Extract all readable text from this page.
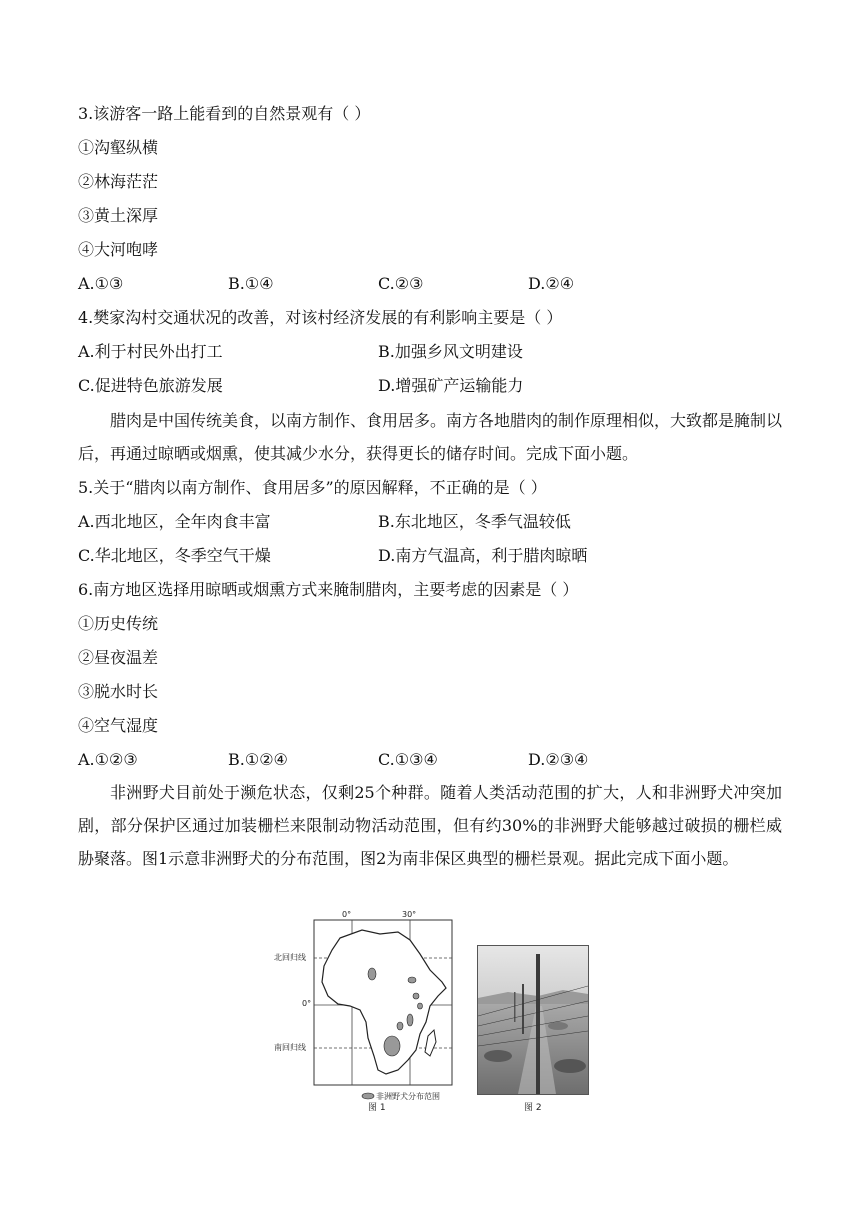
3.该游客一路上能看到的自然景观有（ ）
①沟壑纵横
②林海茫茫
③黄土深厚
④大河咆哮
A.①③	B.①④	C.②③	D.②④
4.樊家沟村交通状况的改善，对该村经济发展的有利影响主要是（ ）
A.利于村民外出打工	B.加强乡风文明建设
C.促进特色旅游发展	D.增强矿产运输能力
腊肉是中国传统美食，以南方制作、食用居多。南方各地腊肉的制作原理相似，大致都是腌制以后，再通过晾晒或烟熏，使其减少水分，获得更长的储存时间。完成下面小题。
5.关于“腊肉以南方制作、食用居多”的原因解释，不正确的是（ ）
A.西北地区，全年肉食丰富	B.东北地区，冬季气温较低
C.华北地区，冬季空气干燥	D.南方气温高，利于腊肉晾晒
6.南方地区选择用晾晒或烟熏方式来腌制腊肉，主要考虑的因素是（ ）
①历史传统
②昼夜温差
③脱水时长
④空气湿度
A.①②③	B.①②④	C.①③④	D.②③④
非洲野犬目前处于濒危状态，仅剩25个种群。随着人类活动范围的扩大，人和非洲野犬冲突加剧，部分保护区通过加装栅栏来限制动物活动范围，但有约30%的非洲野犬能够越过破损的栅栏威胁聚落。图1示意非洲野犬的分布范围，图2为南非保区典型的栅栏景观。据此完成下面小题。
0°	30°
北回归线
0°
南回归线
非洲野犬分布范围
图 1	图 2
